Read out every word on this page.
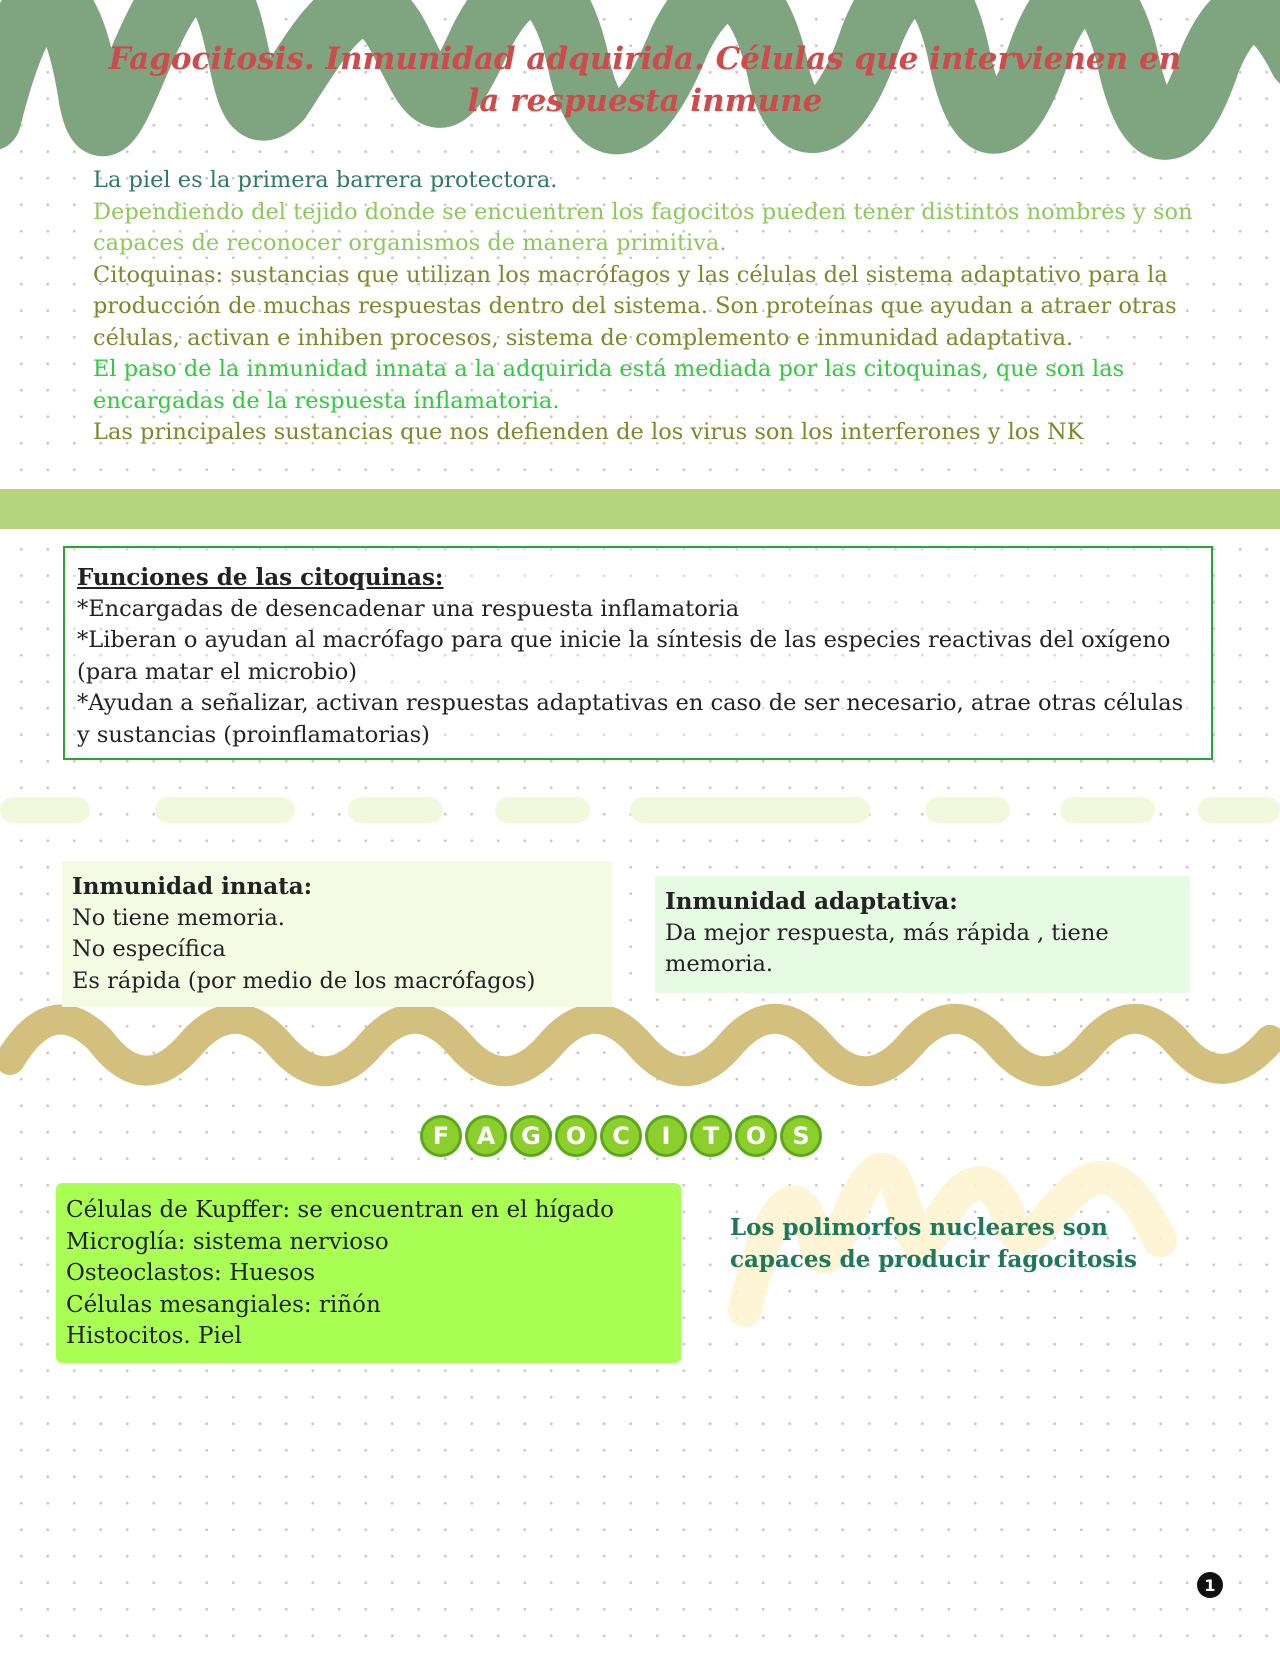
Fagocitosis. Inmunidad adquirida. Células que intervienen en la respuesta inmune

La piel es la primera barrera protectora.

Dependiendo del tejido donde se encuentren los fagocitos pueden tener distintos nombres y son capaces de reconocer organismos de manera primitiva.

Citoquinas: sustancias que utilizan los macrófagos y las células del sistema adaptativo para la producción de muchas respuestas dentro del sistema. Son proteínas que ayudan a atraer otras células, activan e inhiben procesos, sistema de complemento e inmunidad adaptativa.

El paso de la inmunidad innata a la adquirida está mediada por las citoquinas, que son las encargadas de la respuesta inflamatoria.

Las principales sustancias que nos defienden de los virus son los interferones y los NK

Funciones de las citoquinas:

*Encargadas de desencadenar una respuesta inflamatoria

*Liberan o ayudan al macrófago para que inicie la síntesis de las especies reactivas del oxígeno (para matar el microbio)

*Ayudan a señalizar, activan respuestas adaptativas en caso de ser necesario, atrae otras células y sustancias (proinflamatorias)

Inmunidad innata:

No tiene memoria.

No específica

Es rápida (por medio de los macrófagos)

Inmunidad adaptativa:

Da mejor respuesta, más rápida , tiene memoria.

F	A	G	O	C	I	T	O	S

Células de Kupffer: se encuentran en el hígado

Microglía: sistema nervioso

Osteoclastos: Huesos

Células mesangiales: riñón

Histocitos. Piel

Los polimorfos nucleares son capaces de producir fagocitosis

1
